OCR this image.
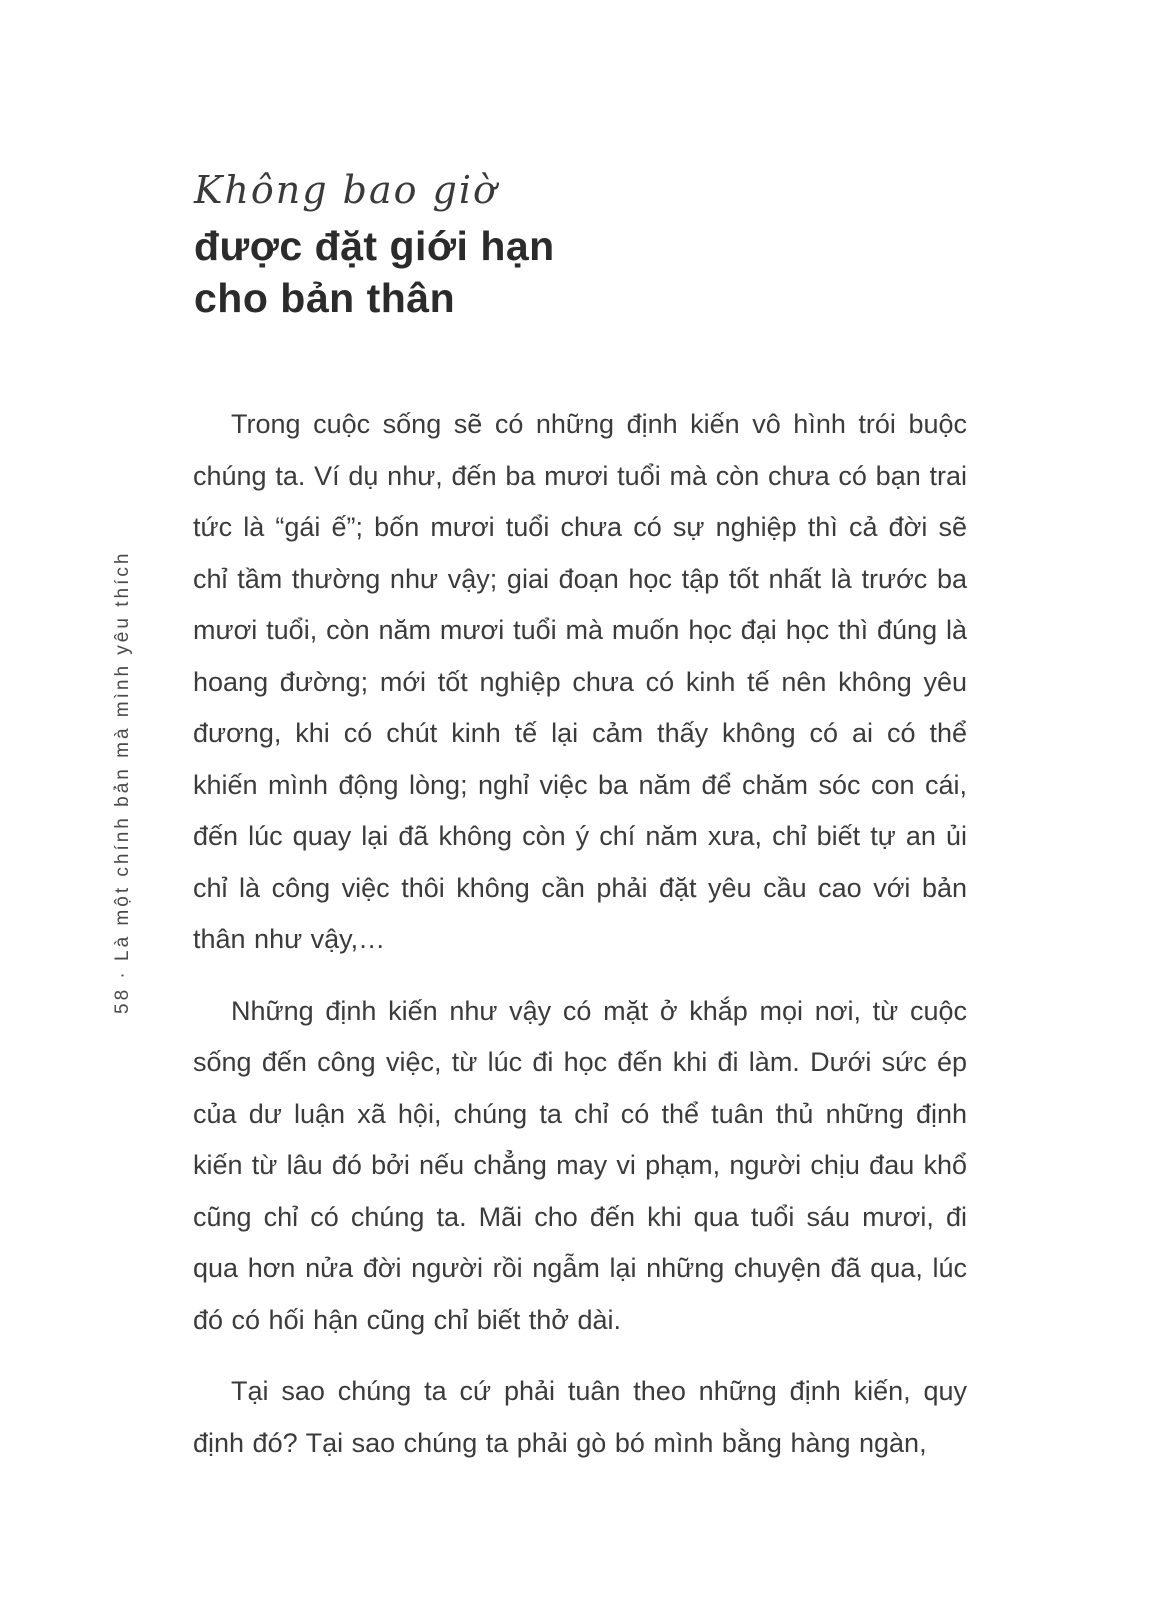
58 · Là một chính bản mà mình yêu thích
Không bao giờ
được đặt giới hạn
cho bản thân

Trong cuộc sống sẽ có những định kiến vô hình trói buộc chúng ta. Ví dụ như, đến ba mươi tuổi mà còn chưa có bạn trai tức là “gái ế”; bốn mươi tuổi chưa có sự nghiệp thì cả đời sẽ chỉ tầm thường như vậy; giai đoạn học tập tốt nhất là trước ba mươi tuổi, còn năm mươi tuổi mà muốn học đại học thì đúng là hoang đường; mới tốt nghiệp chưa có kinh tế nên không yêu đương, khi có chút kinh tế lại cảm thấy không có ai có thể khiến mình động lòng; nghỉ việc ba năm để chăm sóc con cái, đến lúc quay lại đã không còn ý chí năm xưa, chỉ biết tự an ủi chỉ là công việc thôi không cần phải đặt yêu cầu cao với bản thân như vậy,…

Những định kiến như vậy có mặt ở khắp mọi nơi, từ cuộc sống đến công việc, từ lúc đi học đến khi đi làm. Dưới sức ép của dư luận xã hội, chúng ta chỉ có thể tuân thủ những định kiến từ lâu đó bởi nếu chẳng may vi phạm, người chịu đau khổ cũng chỉ có chúng ta. Mãi cho đến khi qua tuổi sáu mươi, đi qua hơn nửa đời người rồi ngẫm lại những chuyện đã qua, lúc đó có hối hận cũng chỉ biết thở dài.

Tại sao chúng ta cứ phải tuân theo những định kiến, quy định đó? Tại sao chúng ta phải gò bó mình bằng hàng ngàn,
